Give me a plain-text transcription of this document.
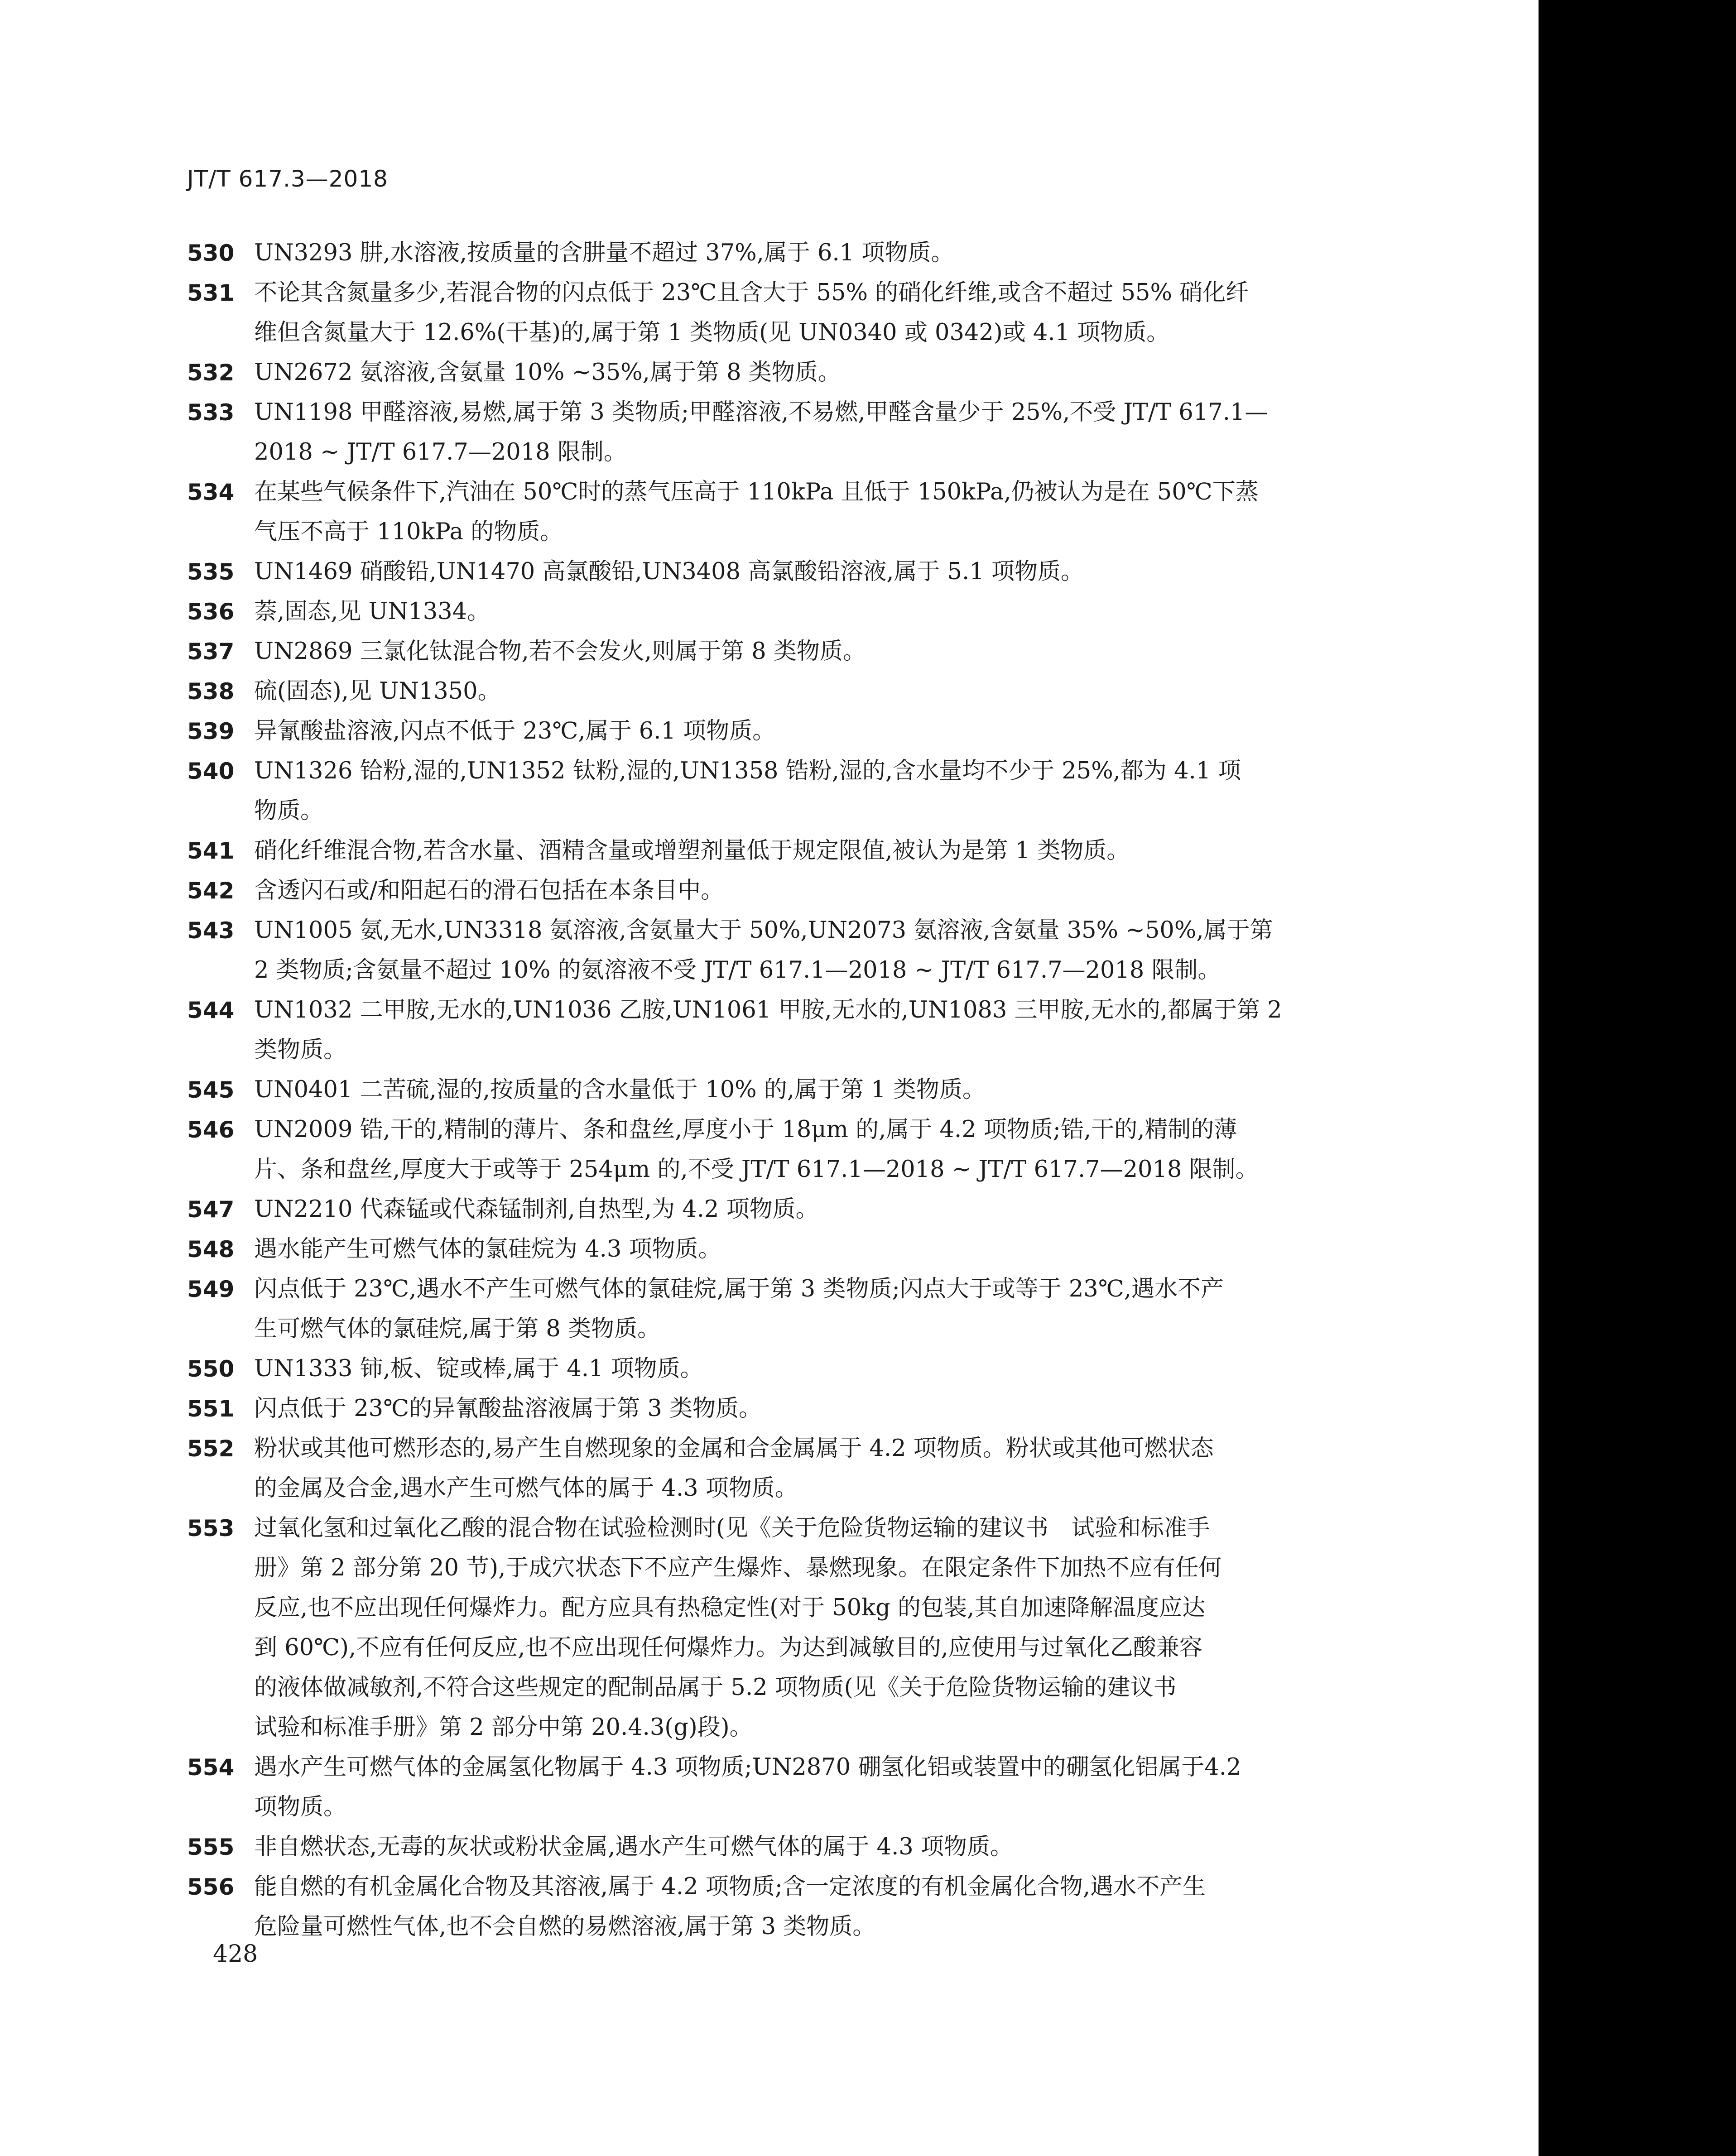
JT/T 617.3—2018
530 UN3293 肼,水溶液,按质量的含肼量不超过 37%,属于 6.1 项物质。
531 不论其含氮量多少,若混合物的闪点低于 23℃且含大于 55% 的硝化纤维,或含不超过 55% 硝化纤
维但含氮量大于 12.6%(干基)的,属于第 1 类物质(见 UN0340 或 0342)或 4.1 项物质。
532 UN2672 氨溶液,含氨量 10% ~35%,属于第 8 类物质。
533 UN1198 甲醛溶液,易燃,属于第 3 类物质;甲醛溶液,不易燃,甲醛含量少于 25%,不受 JT/T 617.1—
2018 ~ JT/T 617.7—2018 限制。
534 在某些气候条件下,汽油在 50℃时的蒸气压高于 110kPa 且低于 150kPa,仍被认为是在 50℃下蒸
气压不高于 110kPa 的物质。
535 UN1469 硝酸铅,UN1470 高氯酸铅,UN3408 高氯酸铅溶液,属于 5.1 项物质。
536 萘,固态,见 UN1334。
537 UN2869 三氯化钛混合物,若不会发火,则属于第 8 类物质。
538 硫(固态),见 UN1350。
539 异氰酸盐溶液,闪点不低于 23℃,属于 6.1 项物质。
540 UN1326 铪粉,湿的,UN1352 钛粉,湿的,UN1358 锆粉,湿的,含水量均不少于 25%,都为 4.1 项
物质。
541 硝化纤维混合物,若含水量、酒精含量或增塑剂量低于规定限值,被认为是第 1 类物质。
542 含透闪石或/和阳起石的滑石包括在本条目中。
543 UN1005 氨,无水,UN3318 氨溶液,含氨量大于 50%,UN2073 氨溶液,含氨量 35% ~50%,属于第
2 类物质;含氨量不超过 10% 的氨溶液不受 JT/T 617.1—2018 ~ JT/T 617.7—2018 限制。
544 UN1032 二甲胺,无水的,UN1036 乙胺,UN1061 甲胺,无水的,UN1083 三甲胺,无水的,都属于第 2
类物质。
545 UN0401 二苦硫,湿的,按质量的含水量低于 10% 的,属于第 1 类物质。
546 UN2009 锆,干的,精制的薄片、条和盘丝,厚度小于 18μm 的,属于 4.2 项物质;锆,干的,精制的薄
片、条和盘丝,厚度大于或等于 254μm 的,不受 JT/T 617.1—2018 ~ JT/T 617.7—2018 限制。
547 UN2210 代森锰或代森锰制剂,自热型,为 4.2 项物质。
548 遇水能产生可燃气体的氯硅烷为 4.3 项物质。
549 闪点低于 23℃,遇水不产生可燃气体的氯硅烷,属于第 3 类物质;闪点大于或等于 23℃,遇水不产
生可燃气体的氯硅烷,属于第 8 类物质。
550 UN1333 铈,板、锭或棒,属于 4.1 项物质。
551 闪点低于 23℃的异氰酸盐溶液属于第 3 类物质。
552 粉状或其他可燃形态的,易产生自燃现象的金属和合金属属于 4.2 项物质。粉状或其他可燃状态
的金属及合金,遇水产生可燃气体的属于 4.3 项物质。
553 过氧化氢和过氧化乙酸的混合物在试验检测时(见《关于危险货物运输的建议书　试验和标准手
册》第 2 部分第 20 节),于成穴状态下不应产生爆炸、暴燃现象。在限定条件下加热不应有任何
反应,也不应出现任何爆炸力。配方应具有热稳定性(对于 50kg 的包装,其自加速降解温度应达
到 60℃),不应有任何反应,也不应出现任何爆炸力。为达到减敏目的,应使用与过氧化乙酸兼容
的液体做减敏剂,不符合这些规定的配制品属于 5.2 项物质(见《关于危险货物运输的建议书
试验和标准手册》第 2 部分中第 20.4.3(g)段)。
554 遇水产生可燃气体的金属氢化物属于 4.3 项物质;UN2870 硼氢化铝或装置中的硼氢化铝属于4.2
项物质。
555 非自燃状态,无毒的灰状或粉状金属,遇水产生可燃气体的属于 4.3 项物质。
556 能自燃的有机金属化合物及其溶液,属于 4.2 项物质;含一定浓度的有机金属化合物,遇水不产生
危险量可燃性气体,也不会自燃的易燃溶液,属于第 3 类物质。
428
